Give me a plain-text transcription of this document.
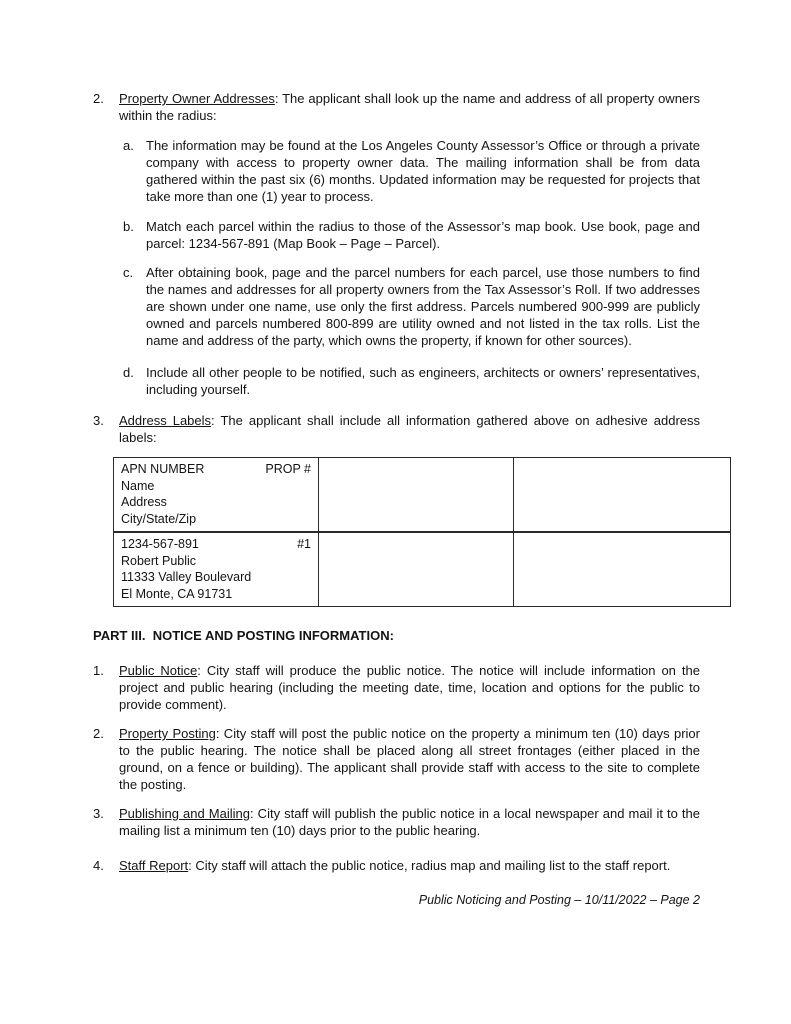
2.	Property Owner Addresses: The applicant shall look up the name and address of all property owners within the radius:
a. The information may be found at the Los Angeles County Assessor’s Office or through a private company with access to property owner data. The mailing information shall be from data gathered within the past six (6) months. Updated information may be requested for projects that take more than one (1) year to process.
b. Match each parcel within the radius to those of the Assessor’s map book. Use book, page and parcel: 1234-567-891 (Map Book – Page – Parcel).
c. After obtaining book, page and the parcel numbers for each parcel, use those numbers to find the names and addresses for all property owners from the Tax Assessor’s Roll. If two addresses are shown under one name, use only the first address. Parcels numbered 900-999 are publicly owned and parcels numbered 800-899 are utility owned and not listed in the tax rolls. List the name and address of the party, which owns the property, if known for other sources).
d. Include all other people to be notified, such as engineers, architects or owners’ representatives, including yourself.
3.	Address Labels: The applicant shall include all information gathered above on adhesive address labels:
APN NUMBER PROP #
Name
Address
City/State/Zip		

1234-567-891 #1
Robert Public
11333 Valley Boulevard
El Monte, CA 91731		

PART III.  NOTICE AND POSTING INFORMATION:
1.	Public Notice: City staff will produce the public notice. The notice will include information on the project and public hearing (including the meeting date, time, location and options for the public to provide comment).
2.	Property Posting: City staff will post the public notice on the property a minimum ten (10) days prior to the public hearing. The notice shall be placed along all street frontages (either placed in the ground, on a fence or building). The applicant shall provide staff with access to the site to complete the posting.
3.	Publishing and Mailing: City staff will publish the public notice in a local newspaper and mail it to the mailing list a minimum ten (10) days prior to the public hearing.
4.	Staff Report: City staff will attach the public notice, radius map and mailing list to the staff report.
Public Noticing and Posting – 10/11/2022 – Page 2
